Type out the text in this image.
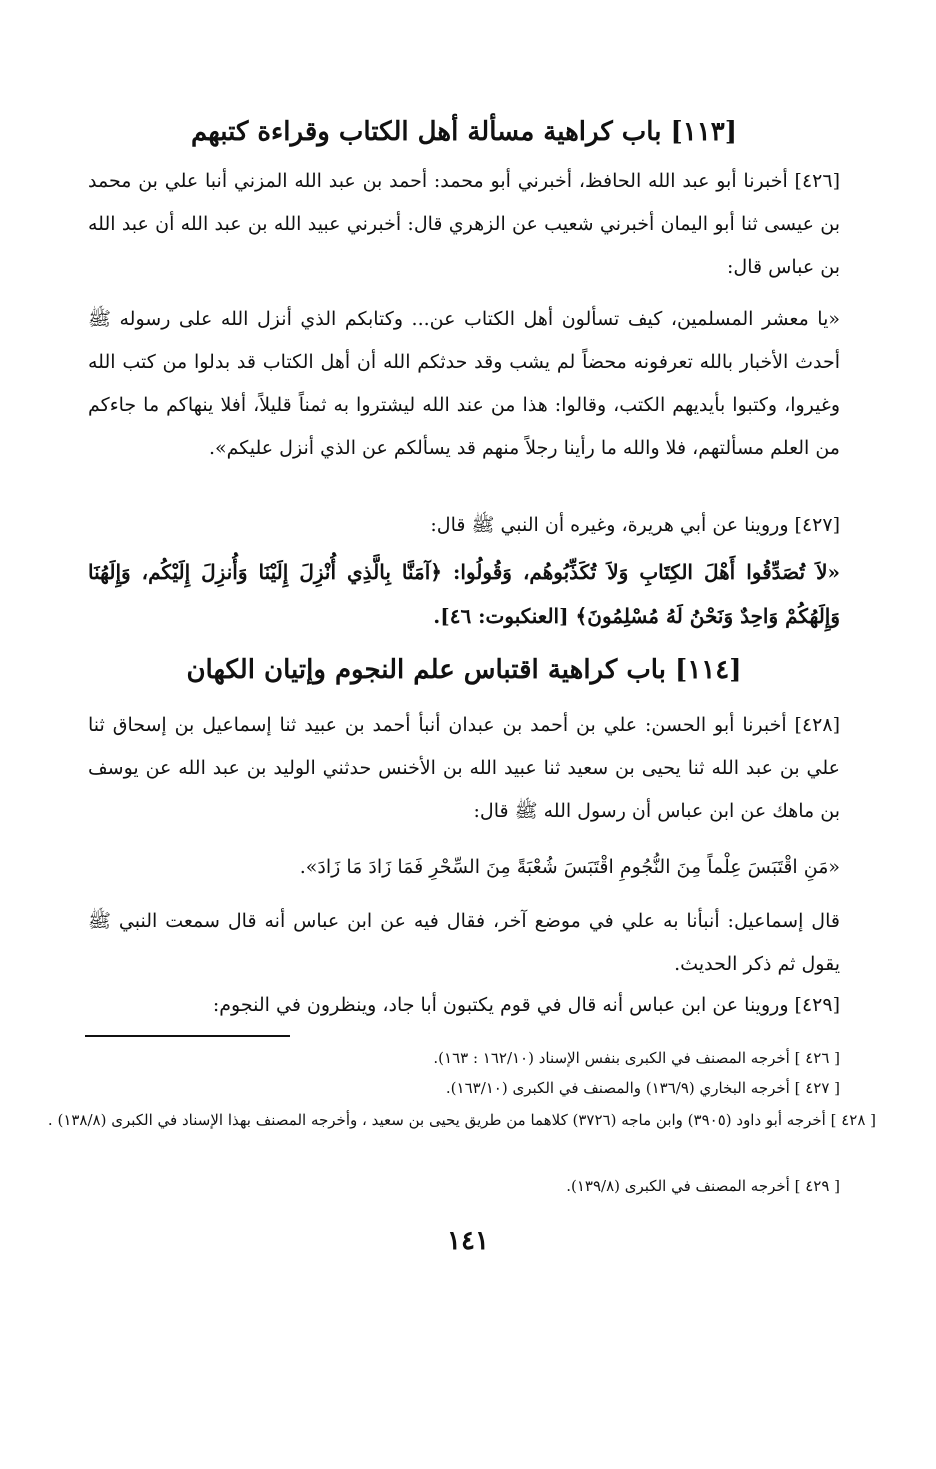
[١١٣] باب كراهية مسألة أهل الكتاب وقراءة كتبهم

[٤٢٦] أخبرنا أبو عبد الله الحافظ، أخبرني أبو محمد: أحمد بن عبد الله المزني أنبا علي بن محمد بن عيسى ثنا أبو اليمان أخبرني شعيب عن الزهري قال: أخبرني عبيد الله بن عبد الله أن عبد الله بن عباس قال:

«يا معشر المسلمين، كيف تسألون أهل الكتاب عن... وكتابكم الذي أنزل الله على رسوله ﷺ أحدث الأخبار بالله تعرفونه محضاً لم يشب وقد حدثكم الله أن أهل الكتاب قد بدلوا من كتب الله وغيروا، وكتبوا بأيديهم الكتب، وقالوا: هذا من عند الله ليشتروا به ثمناً قليلاً، أفلا ينهاكم ما جاءكم من العلم مسألتهم، فلا والله ما رأينا رجلاً منهم قد يسألكم عن الذي أنزل عليكم».

[٤٢٧] وروينا عن أبي هريرة، وغيره أن النبي ﷺ قال:

«لاَ تُصَدِّقُوا أَهْلَ الكِتَابِ وَلاَ تُكَذِّبُوهُم، وَقُولُوا: ﴿آمَنَّا بِالَّذِي أُنْزِلَ إِلَيْنَا وَأُنزِلَ إِلَيْكُم، وَإِلَهُنَا وَإِلَهُكُمْ وَاحِدٌ وَنَحْنُ لَهُ مُسْلِمُونَ﴾ [العنكبوت: ٤٦].

[١١٤] باب كراهية اقتباس علم النجوم وإتيان الكهان

[٤٢٨] أخبرنا أبو الحسن: علي بن أحمد بن عبدان أنبأ أحمد بن عبيد ثنا إسماعيل بن إسحاق ثنا علي بن عبد الله ثنا يحيى بن سعيد ثنا عبيد الله بن الأخنس حدثني الوليد بن عبد الله عن يوسف بن ماهك عن ابن عباس أن رسول الله ﷺ قال:

«مَنِ اقْتَبَسَ عِلْماً مِنَ النُّجُومِ اقْتَبَسَ شُعْبَةً مِنَ السِّحْرِ فَمَا زَادَ مَا زَادَ».

قال إسماعيل: أنبأنا به علي في موضع آخر، فقال فيه عن ابن عباس أنه قال سمعت النبي ﷺ يقول ثم ذكر الحديث.

[٤٢٩] وروينا عن ابن عباس أنه قال في قوم يكتبون أبا جاد، وينظرون في النجوم:

[ ٤٢٦ ] أخرجه المصنف في الكبرى بنفس الإسناد (١٦٢/١٠ : ١٦٣).
[ ٤٢٧ ] أخرجه البخاري (١٣٦/٩) والمصنف في الكبرى (١٦٣/١٠).
[ ٤٢٨ ] أخرجه أبو داود (٣٩٠٥) وابن ماجه (٣٧٢٦) كلاهما من طريق يحيى بن سعيد ، وأخرجه المصنف بهذا الإسناد في الكبرى (١٣٨/٨) .
[ ٤٢٩ ] أخرجه المصنف في الكبرى (١٣٩/٨).
١٤١
